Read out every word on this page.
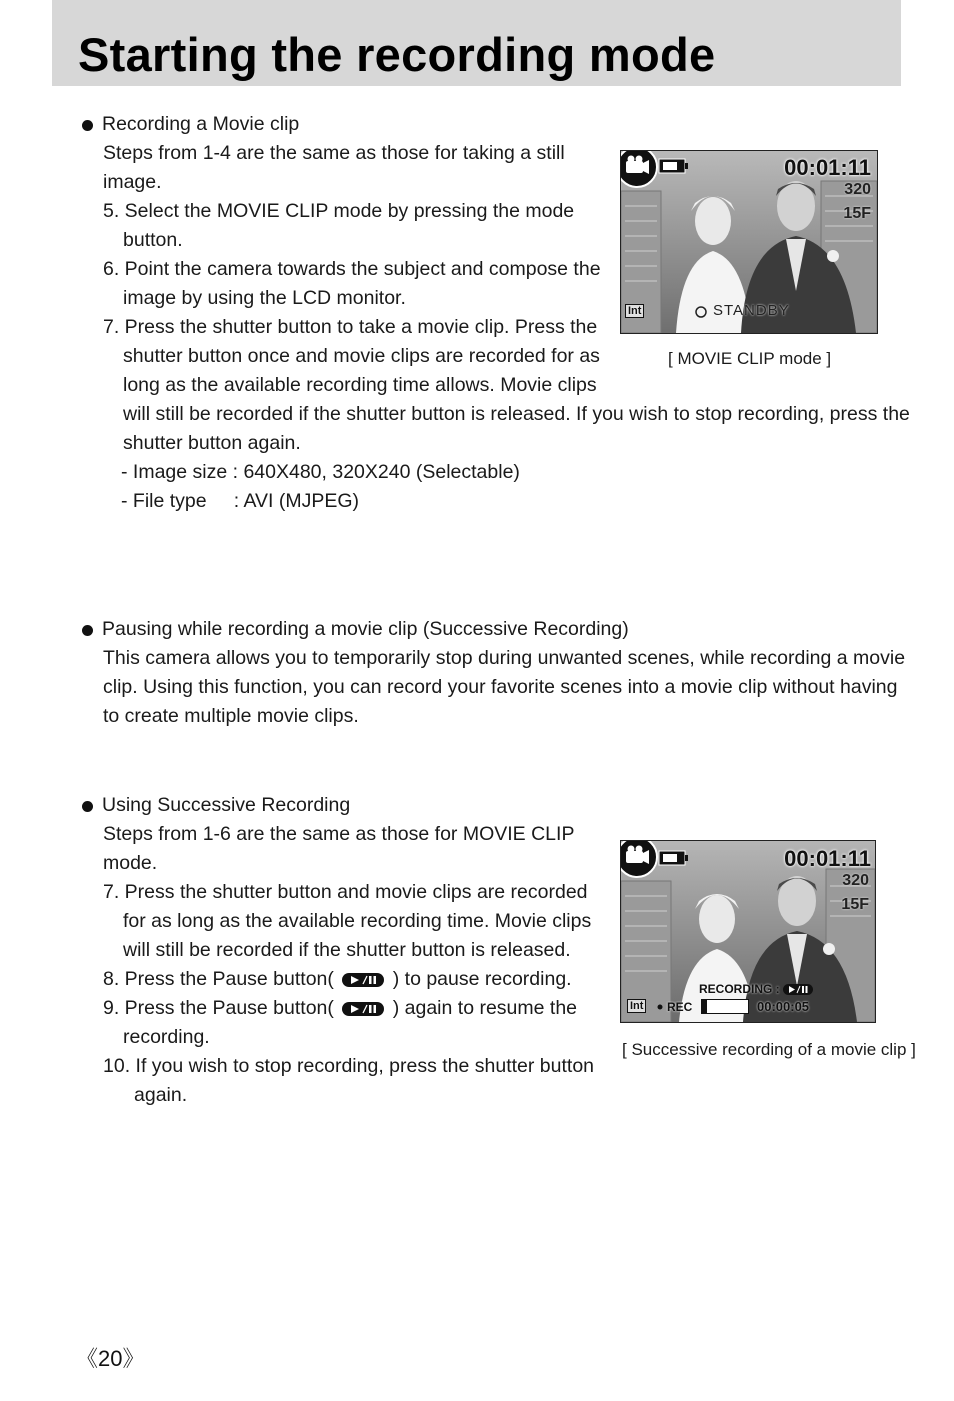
Starting the recording mode
Recording a Movie clip
Steps from 1-4 are the same as those for taking a still
image.
5. Select the MOVIE CLIP mode by pressing the mode
button.
6. Point the camera towards the subject and compose the
image by using the LCD monitor.
7. Press the shutter button to take a movie clip. Press the
shutter button once and movie clips are recorded for as
long as the available recording time allows. Movie clips
will still be recorded if the shutter button is released. If you wish to stop recording, press the
shutter button again.
- Image size : 640X480, 320X240 (Selectable)
- File type     : AVI (MJPEG)
00:01:11
320
15F
Int	STANDBY
[ MOVIE CLIP mode ]
Pausing while recording a movie clip (Successive Recording)
This camera allows you to temporarily stop during unwanted scenes, while recording a movie
clip. Using this function, you can record your favorite scenes into a movie clip without having
to create multiple movie clips.
Using Successive Recording
Steps from 1-6 are the same as those for MOVIE CLIP
mode.
7. Press the shutter button and movie clips are recorded
for as long as the available recording time. Movie clips
will still be recorded if the shutter button is released.
8. Press the Pause button(	) to pause recording.
9. Press the Pause button(	) again to resume the
recording.
10. If you wish to stop recording, press the shutter button
again.
00:01:11
320
15F
RECORDING :
Int REC	00:00:05
[ Successive recording of a movie clip ]
《20》
